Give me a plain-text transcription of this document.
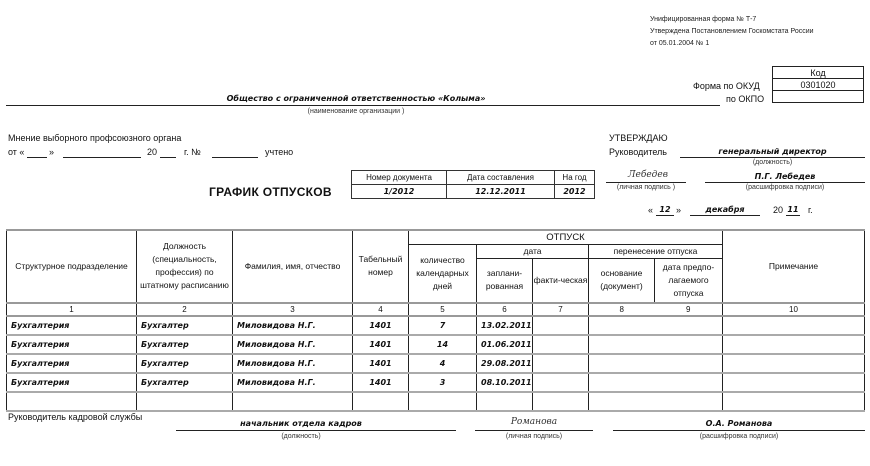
Унифицированная форма № Т-7
Утверждена Постановлением Госкомстата России
от 05.01.2004 № 1
Код
0301020

Форма по ОКУД
по ОКПО
Общество с ограниченной ответственностью «Колыма»
(наименование организации )
Мнение выборного профсоюзного органа
от «	»	20	г. №	учтено
ГРАФИК ОТПУСКОВ
Номер документа	Дата составления	На год
1/2012	12.12.2011	2012
УТВЕРЖДАЮ
Руководитель	генеральный директор
(должность)
Лебедев
(личная подпись )
П.Г. Лебедев
(расшифровка подписи)
« 12 »	декабря	20 11 г.
Структурное подразделение	Должность (специальность, профессия) по штатному расписанию	Фамилия, имя, отчество	Табельный номер	ОТПУСК					Примечание
				количество календарных дней	дата		перенесение отпуска		
					заплани-рованная	факти-ческая	основание (документ)	дата предпо-лагаемого отпуска	
1	2	3	4	5	6	7	8	9	10
Бухгалтерия	Бухгалтер	Миловидова Н.Г.	1401	7	13.02.2011				
Бухгалтерия	Бухгалтер	Миловидова Н.Г.	1401	14	01.06.2011				
Бухгалтерия	Бухгалтер	Миловидова Н.Г.	1401	4	29.08.2011				
Бухгалтерия	Бухгалтер	Миловидова Н.Г.	1401	3	08.10.2011				

Руководитель кадровой службы
начальник отдела кадров
(должность)
Романова
(личная подпись)
О.А. Романова
(расшифровка подписи)
